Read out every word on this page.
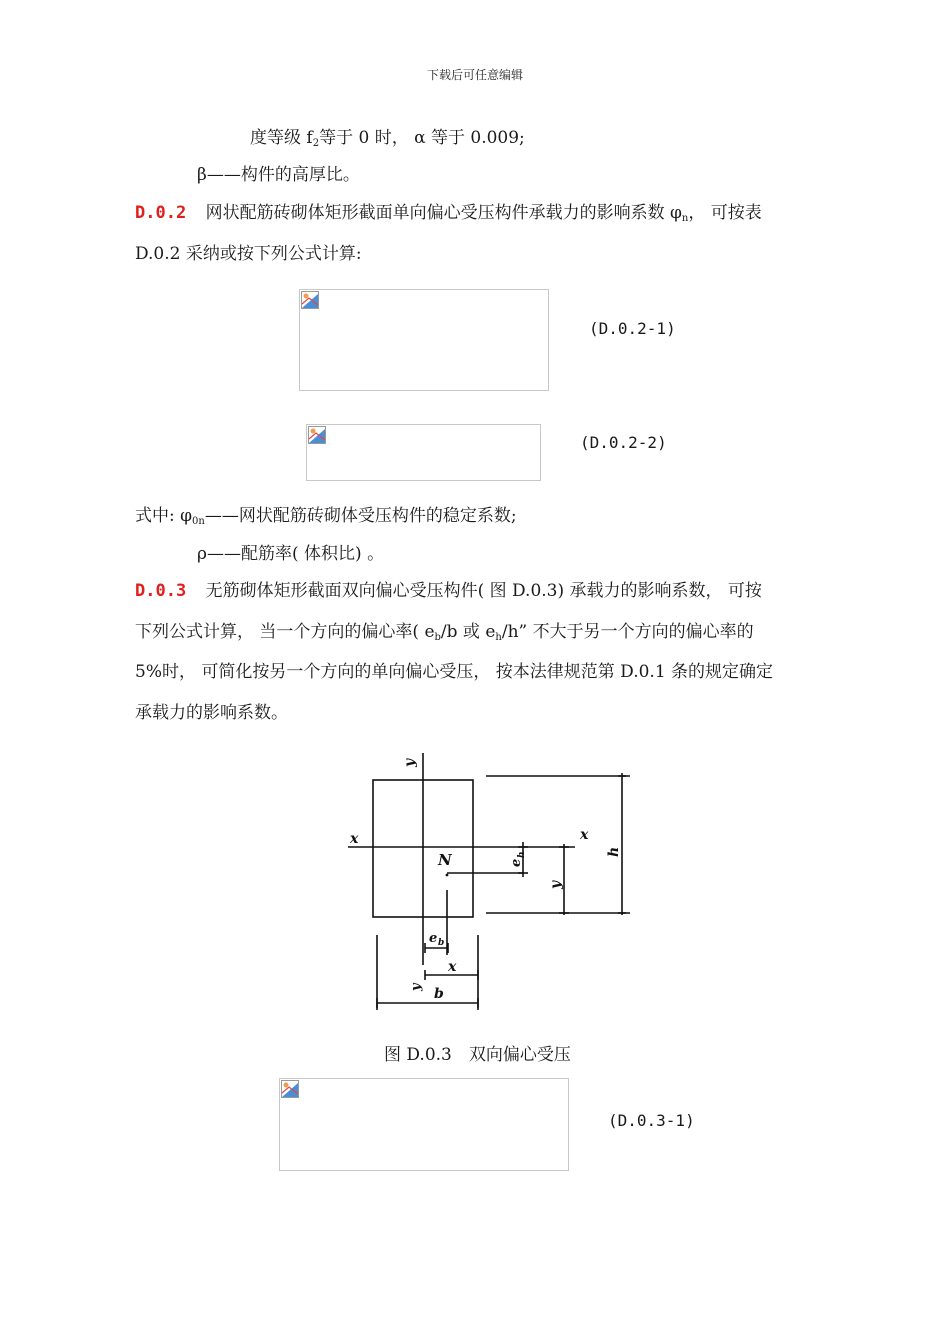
下载后可任意编辑
度等级 $f_2$等于 0 时， α 等于 0.009;
β——构件的高厚比。
D.0.2 网状配筋砖砌体矩形截面单向偏心受压构件承载力的影响系数 $\varphi_n$， 可按表
D.0.2 采纳或按下列公式计算:
(D.0.2-1)
(D.0.2-2)
式中: $\varphi_{0n}——$网状配筋砖砌体受压构件的稳定系数;
ρ——配筋率( 体积比) 。
D.0.3 无筋砌体矩形截面双向偏心受压构件( 图 D.0.3) 承载力的影响系数， 可按
下列公式计算， 当一个方向的偏心率( $e_b/b$ 或 $e_h/h$” 不大于另一个方向的偏心率的
5%时， 可简化按另一个方向的单向偏心受压， 按本法律规范第 D.0.1 条的规定确定
承载力的影响系数。
y
x	x
N	e
h
y
h
e b
x
y b
图 D.0.3　双向偏心受压
(D.0.3-1)
